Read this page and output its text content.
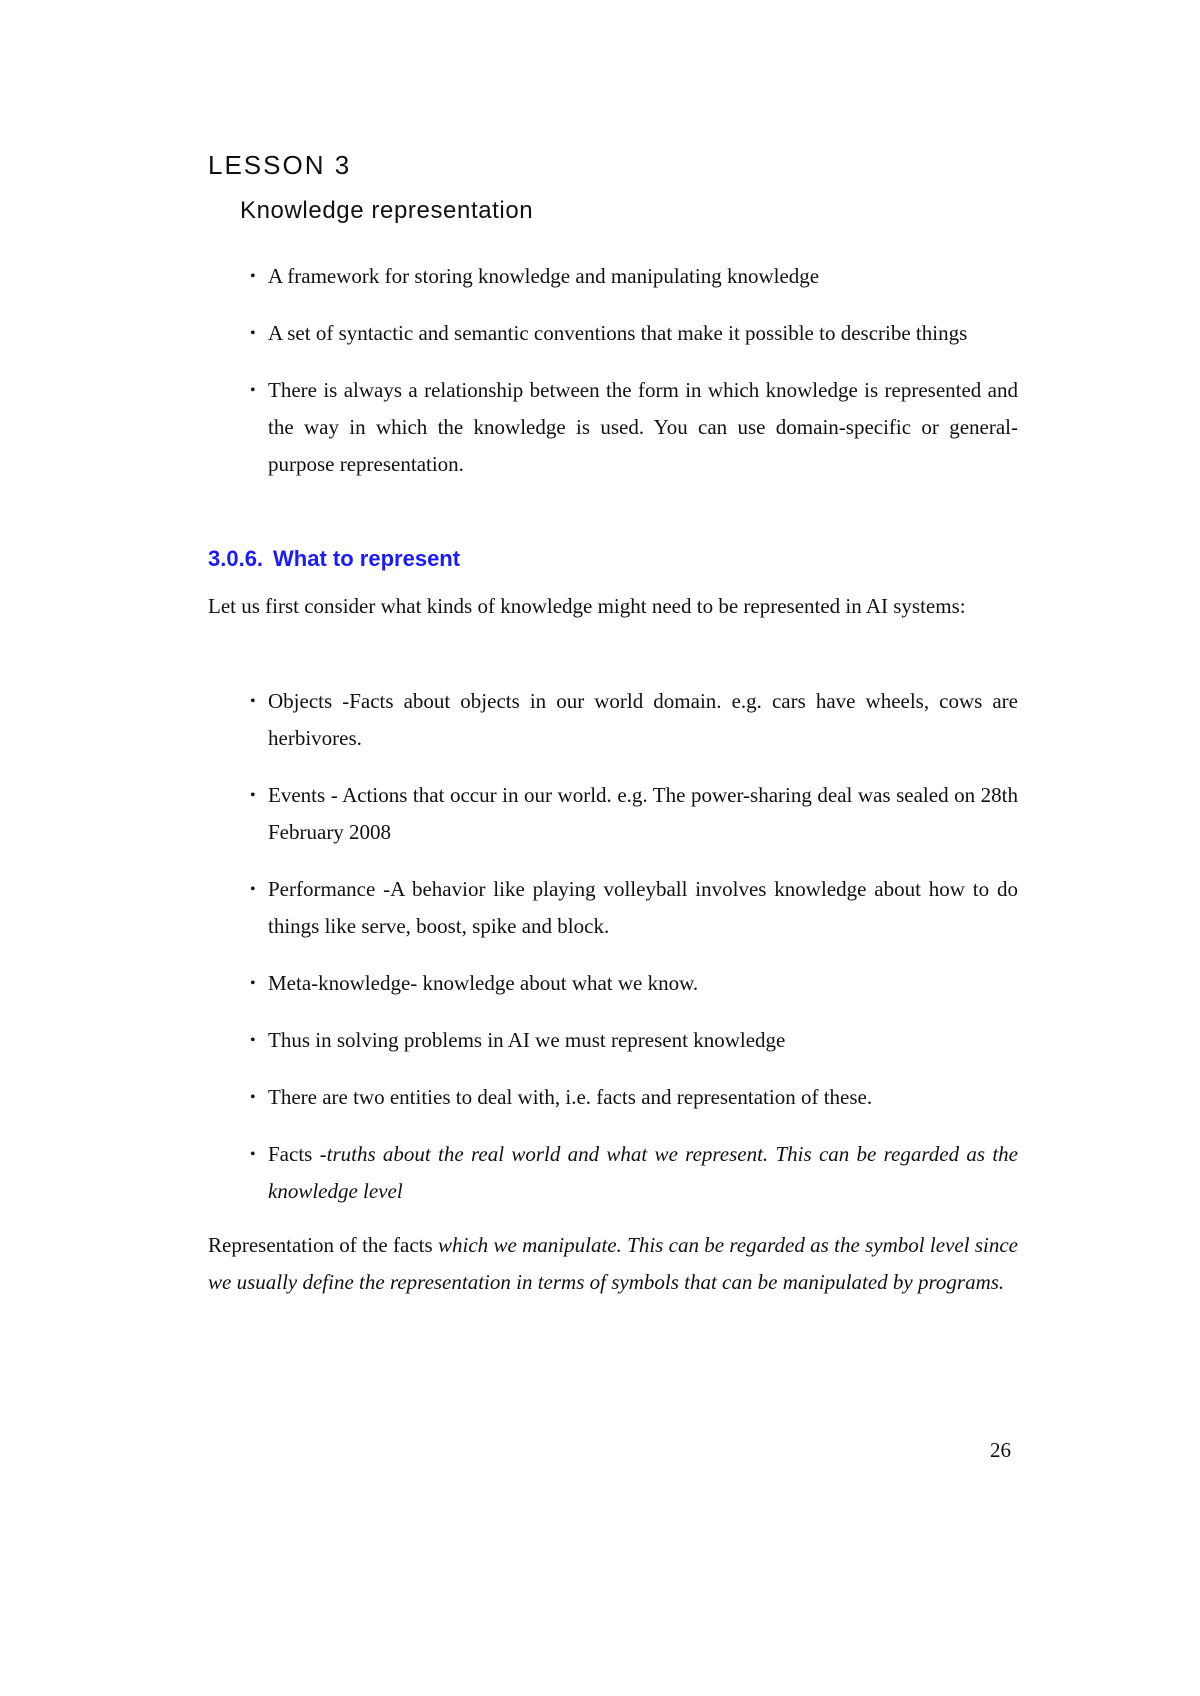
LESSON 3
Knowledge representation
• A framework for storing knowledge and manipulating knowledge
• A set of syntactic and semantic conventions that make it possible to describe things
• There is always a relationship between the form in which knowledge is represented and the way in which the knowledge is used. You can use domain-specific or general-purpose representation.
3.0.6. What to represent

Let us first consider what kinds of knowledge might need to be represented in AI systems:

• Objects -Facts about objects in our world domain. e.g. cars have wheels, cows are herbivores.
• Events - Actions that occur in our world. e.g. The power-sharing deal was sealed on 28th February 2008
• Performance -A behavior like playing volleyball involves knowledge about how to do things like serve, boost, spike and block.
• Meta-knowledge- knowledge about what we know.
• Thus in solving problems in AI we must represent knowledge
• There are two entities to deal with, i.e. facts and representation of these.
• Facts -truths about the real world and what we represent. This can be regarded as the knowledge level

Representation of the facts which we manipulate. This can be regarded as the symbol level since we usually define the representation in terms of symbols that can be manipulated by programs.

26
